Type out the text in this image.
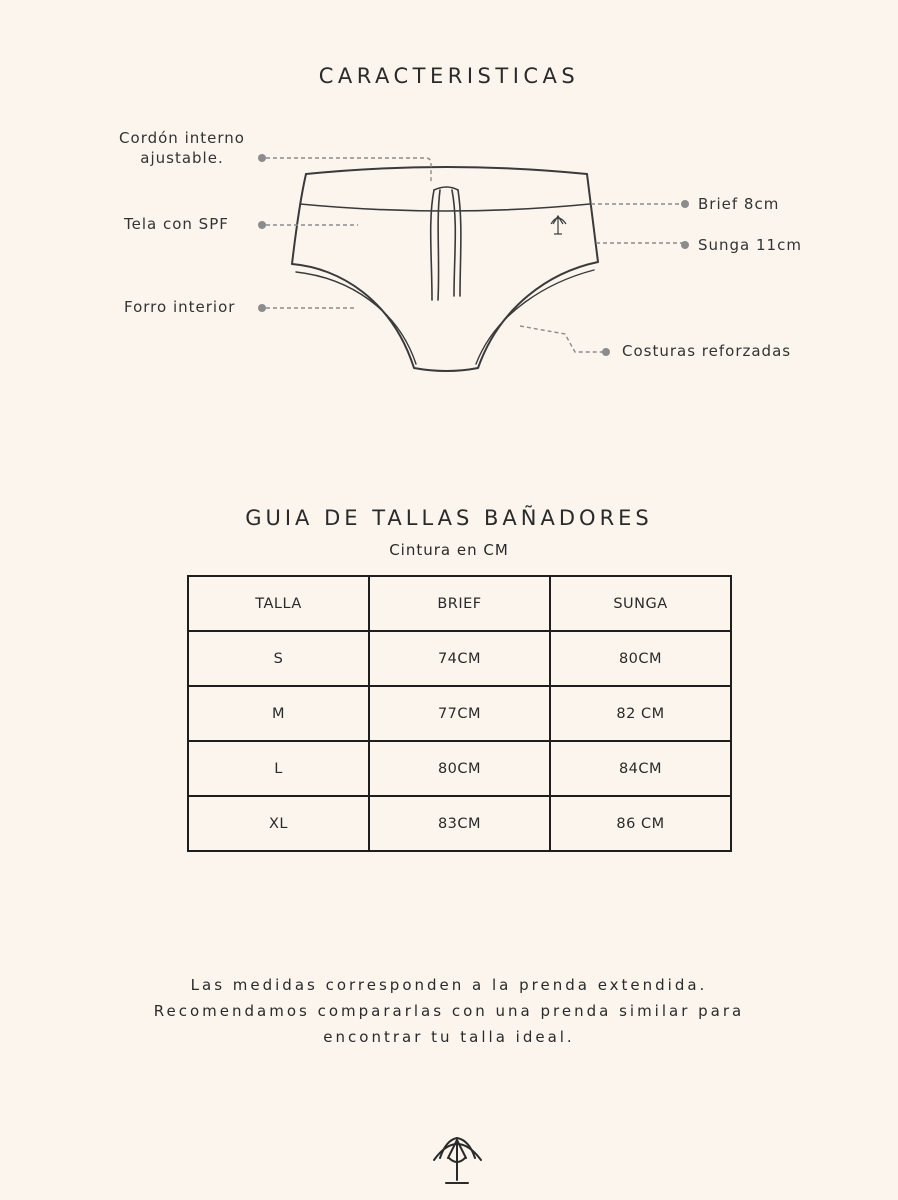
CARACTERISTICAS
Cordón interno
ajustable.
Tela con SPF
Forro interior
Brief 8cm
Sunga 11cm
Costuras reforzadas
GUIA DE TALLAS BAÑADORES
Cintura en CM
TALLA	BRIEF	SUNGA
S	74CM	80CM
M	77CM	82 CM
L	80CM	84CM
XL	83CM	86 CM
Las medidas corresponden a la prenda extendida.
Recomendamos compararlas con una prenda similar para
encontrar tu talla ideal.
